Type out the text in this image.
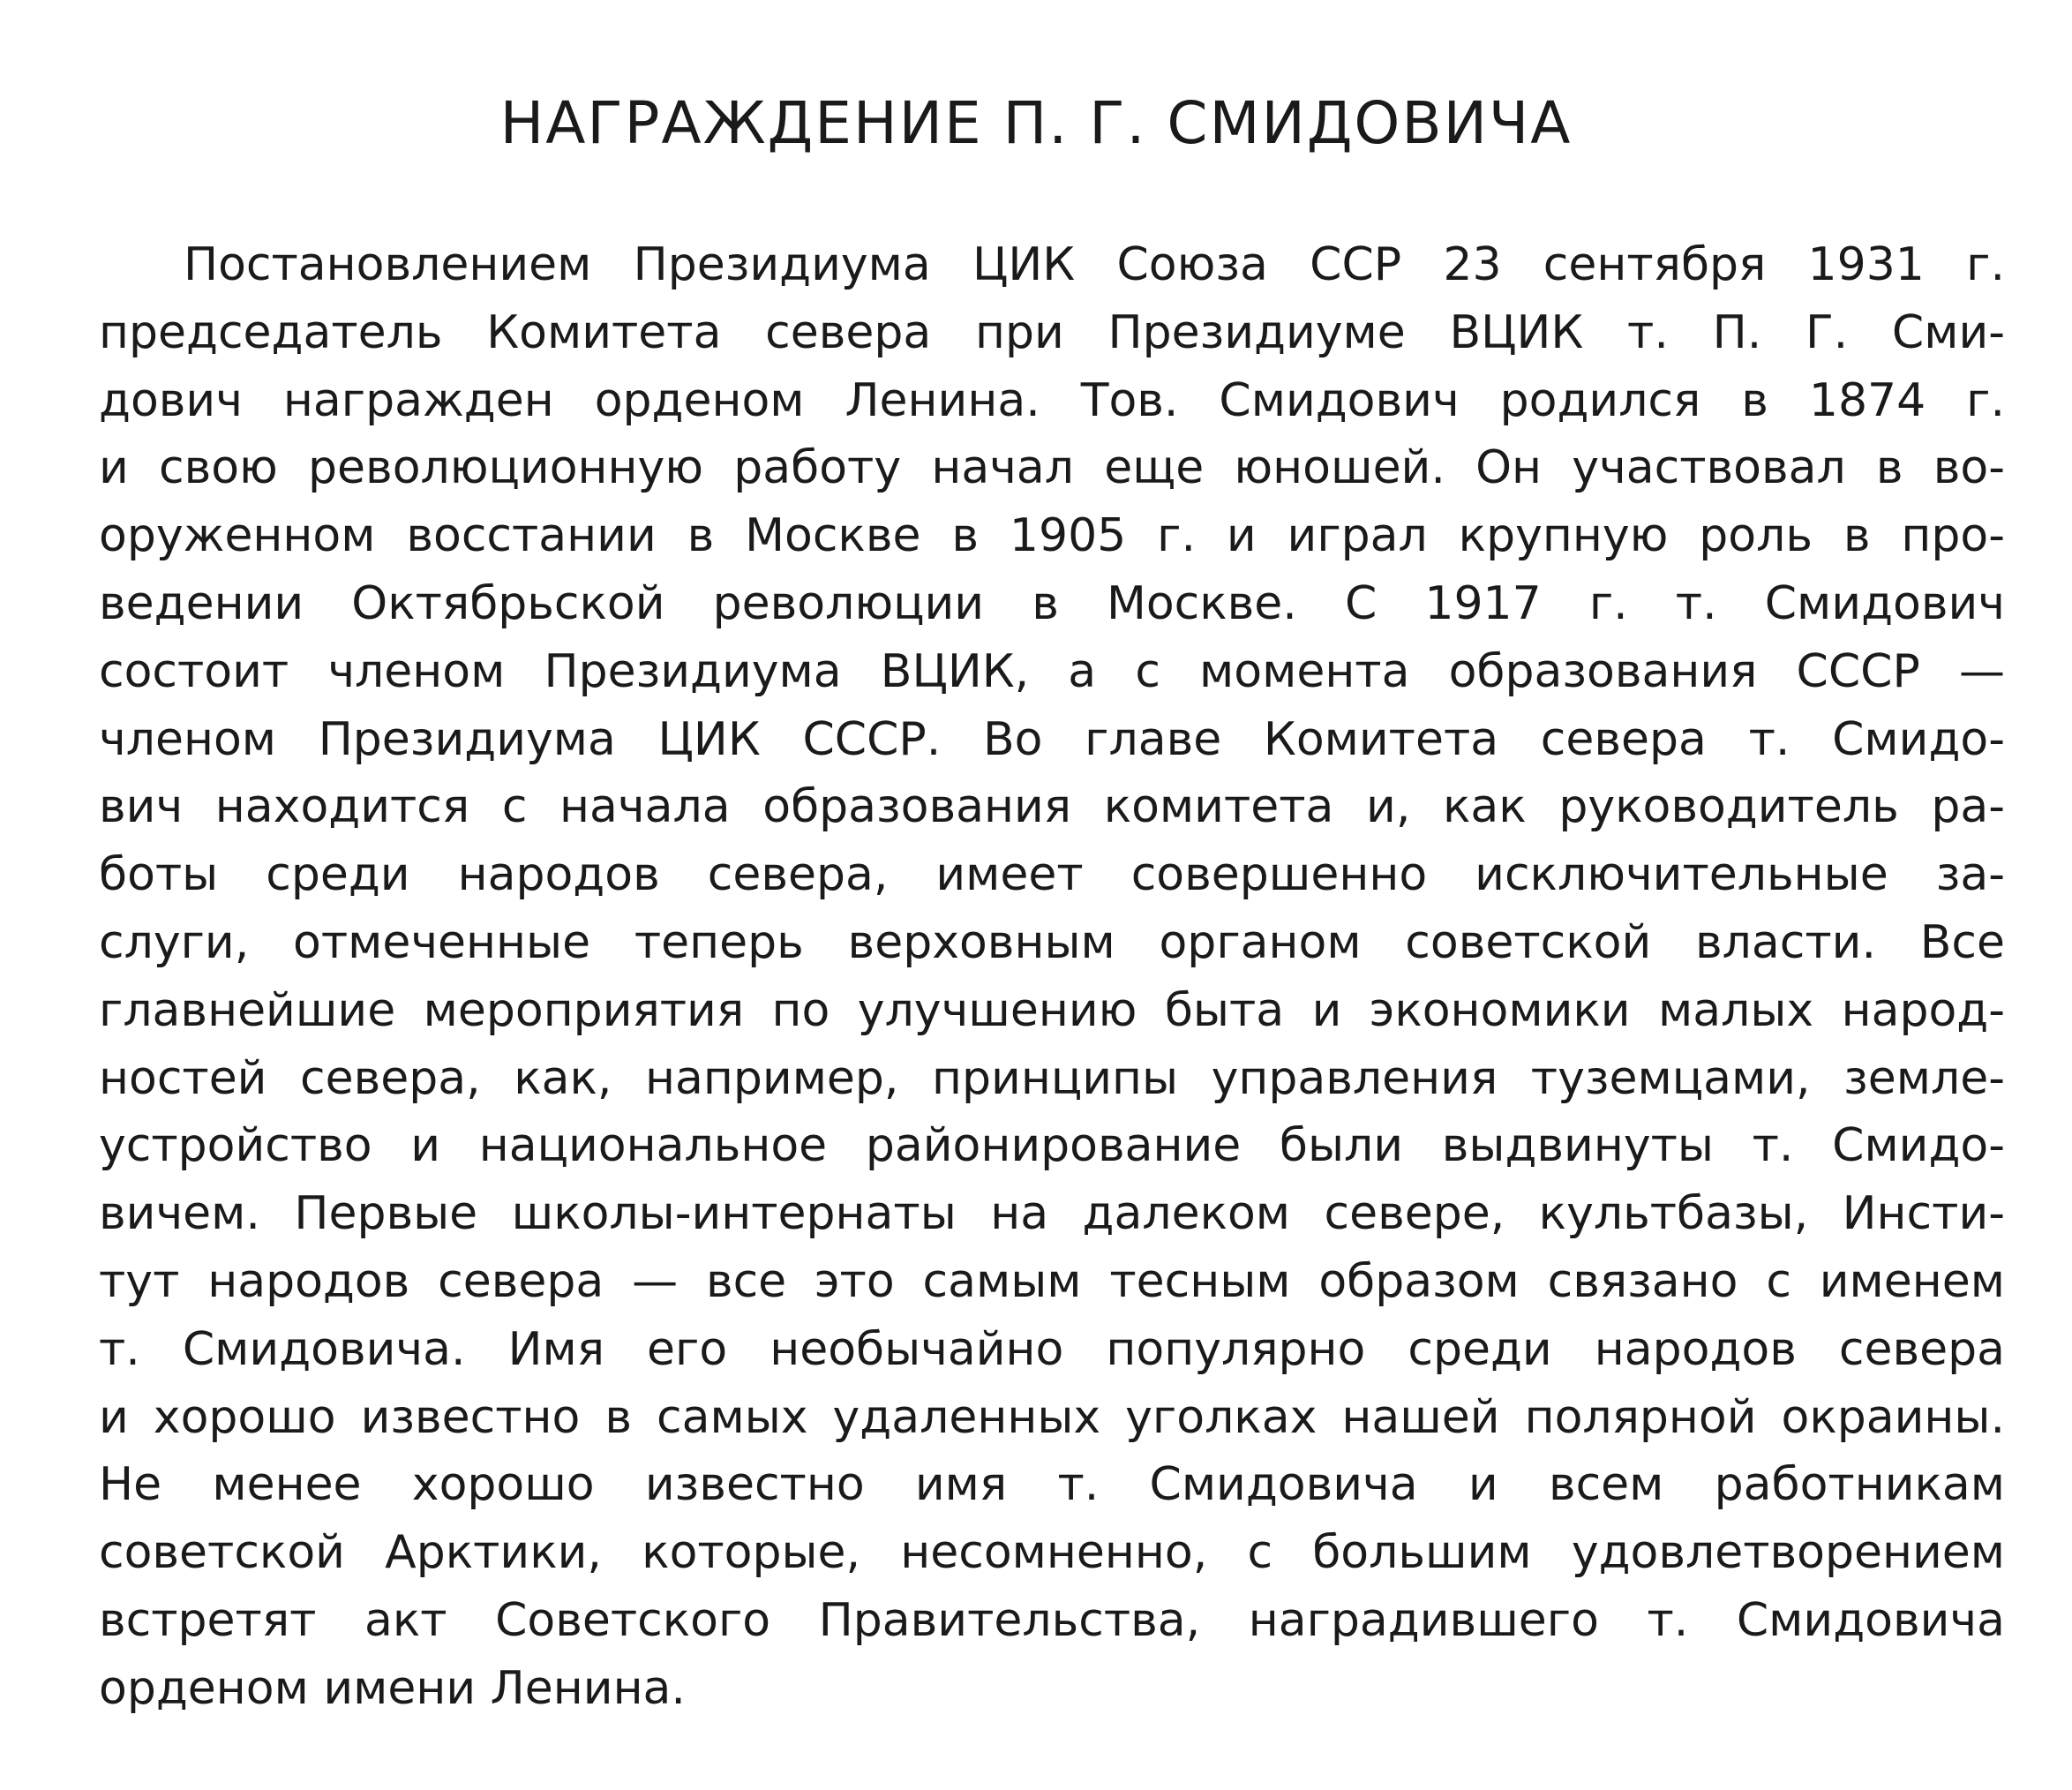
НАГРАЖДЕНИЕ П. Г. СМИДОВИЧА
Постановлением Президиума ЦИК Союза ССР 23 сентября 1931 г.
председатель Комитета севера при Президиуме ВЦИК т. П. Г. Сми-
дович награжден орденом Ленина. Тов. Смидович родился в 1874 г.
и свою революционную работу начал еще юношей. Он участвовал в во-
оруженном восстании в Москве в 1905 г. и играл крупную роль в про-
ведении Октябрьской революции в Москве. С 1917 г. т. Смидович
состоит членом Президиума ВЦИК, а с момента образования СССР —
членом Президиума ЦИК СССР. Во главе Комитета севера т. Смидо-
вич находится с начала образования комитета и, как руководитель ра-
боты среди народов севера, имеет совершенно исключительные за-
слуги, отмеченные теперь верховным органом советской власти. Все
главнейшие мероприятия по улучшению быта и экономики малых народ-
ностей севера, как, например, принципы управления туземцами, земле-
устройство и национальное районирование были выдвинуты т. Смидо-
вичем. Первые школы-интернаты на далеком севере, культбазы, Инсти-
тут народов севера — все это самым тесным образом связано с именем
т. Смидовича. Имя его необычайно популярно среди народов севера
и хорошо известно в самых удаленных уголках нашей полярной окраины.
Не менее хорошо известно имя т. Смидовича и всем работникам
советской Арктики, которые, несомненно, с большим удовлетворением
встретят акт Советского Правительства, наградившего т. Смидовича
орденом имени Ленина.
